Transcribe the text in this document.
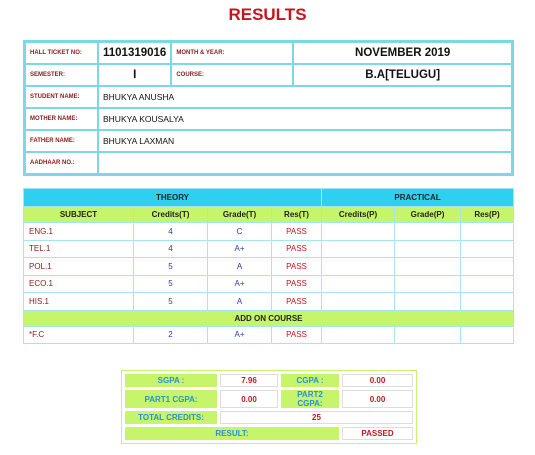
RESULTS
HALL TICKET NO:	1101319016	MONTH & YEAR:	NOVEMBER 2019
SEMESTER:	I	COURSE:	B.A[TELUGU]
STUDENT NAME:	BHUKYA ANUSHA		
MOTHER NAME:	BHUKYA KOUSALYA		
FATHER NAME:	BHUKYA LAXMAN		
AADHAAR NO.:			
THEORY				PRACTICAL		
SUBJECT	Credits(T)	Grade(T)	Res(T)	Credits(P)	Grade(P)	Res(P)
ENG.1	4	C	PASS			
TEL.1	4	A+	PASS			
POL.1	5	A	PASS			
ECO.1	5	A+	PASS			
HIS.1	5	A	PASS			
ADD ON COURSE						
*F.C	2	A+	PASS			
SGPA :	7.96	CGPA :	0.00
PART1 CGPA:	0.00	PART2 CGPA:	0.00
TOTAL CREDITS:	25		
RESULT:			PASSED
